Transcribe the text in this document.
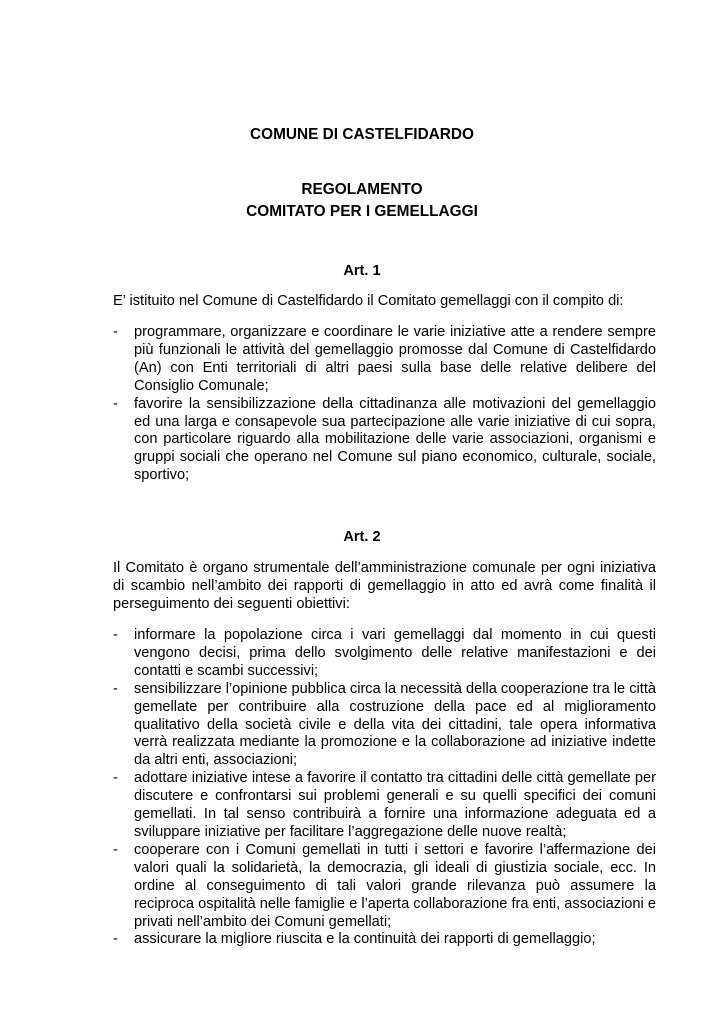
COMUNE DI CASTELFIDARDO
REGOLAMENTO
COMITATO PER I GEMELLAGGI
Art. 1
E’ istituito nel Comune di Castelfidardo il Comitato gemellaggi con il compito di:
- programmare, organizzare e coordinare le varie iniziative atte a rendere sempre più funzionali le attività del gemellaggio promosse dal Comune di Castelfidardo (An) con Enti territoriali di altri paesi sulla base delle relative delibere del Consiglio Comunale;
- favorire la sensibilizzazione della cittadinanza alle motivazioni del gemellaggio ed una larga e consapevole sua partecipazione alle varie iniziative di cui sopra, con particolare riguardo alla mobilitazione delle varie associazioni, organismi e gruppi sociali che operano nel Comune sul piano economico, culturale, sociale, sportivo;
Art. 2
Il Comitato è organo strumentale dell’amministrazione comunale per ogni iniziativa di scambio nell’ambito dei rapporti di gemellaggio in atto ed avrà come finalità il perseguimento dei seguenti obiettivi:
- informare la popolazione circa i vari gemellaggi dal momento in cui questi vengono decisi, prima dello svolgimento delle relative manifestazioni e dei contatti e scambi successivi;
- sensibilizzare l’opinione pubblica circa la necessità della cooperazione tra le città gemellate per contribuire alla costruzione della pace ed al miglioramento qualitativo della società civile e della vita dei cittadini, tale opera informativa verrà realizzata mediante la promozione e la collaborazione ad iniziative indette da altri enti, associazioni;
- adottare iniziative intese a favorire il contatto tra cittadini delle città gemellate per discutere e confrontarsi sui problemi generali e su quelli specifici dei comuni gemellati. In tal senso contribuirà a fornire una informazione adeguata ed a sviluppare iniziative per facilitare l’aggregazione delle nuove realtà;
- cooperare con i Comuni gemellati in tutti i settori e favorire l’affermazione dei valori quali la solidarietà, la democrazia, gli ideali di giustizia sociale, ecc. In ordine al conseguimento di tali valori grande rilevanza può assumere la reciproca ospitalità nelle famiglie e l’aperta collaborazione fra enti, associazioni e privati nell’ambito dei Comuni gemellati;
- assicurare la migliore riuscita e la continuità dei rapporti di gemellaggio;
